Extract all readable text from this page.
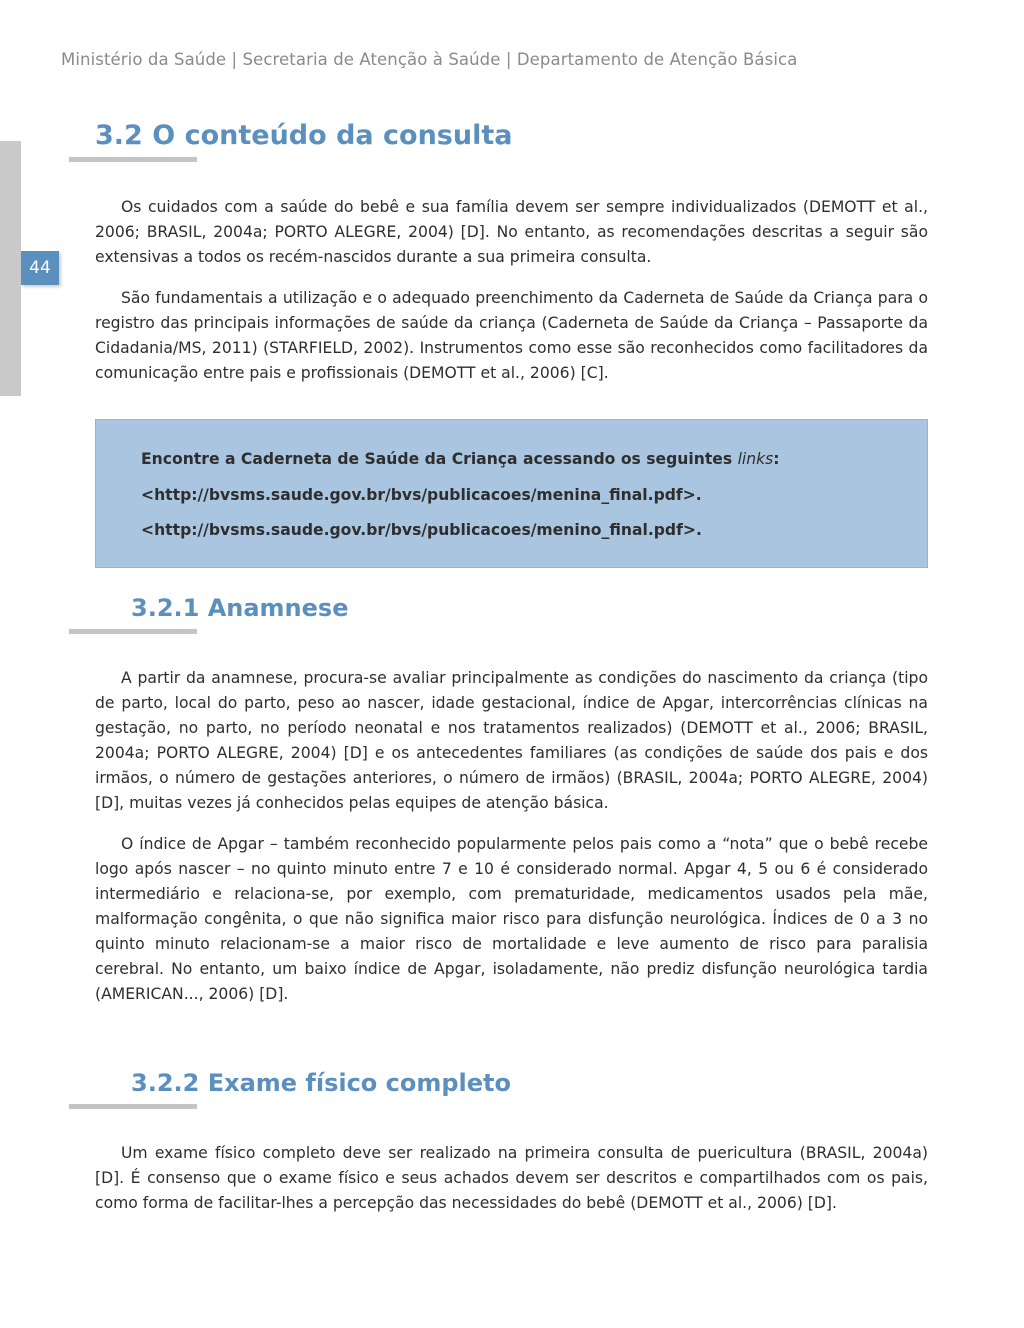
Ministério da Saúde | Secretaria de Atenção à Saúde | Departamento de Atenção Básica
44
3.2 O conteúdo da consulta

Os cuidados com a saúde do bebê e sua família devem ser sempre individualizados (DEMOTT et al., 2006; BRASIL, 2004a; PORTO ALEGRE, 2004) [D]. No entanto, as recomendações descritas a seguir são extensivas a todos os recém-nascidos durante a sua primeira consulta.

São fundamentais a utilização e o adequado preenchimento da Caderneta de Saúde da Criança para o registro das principais informações de saúde da criança (Caderneta de Saúde da Criança – Passaporte da Cidadania/MS, 2011) (STARFIELD, 2002). Instrumentos como esse são reconhecidos como facilitadores da comunicação entre pais e profissionais (DEMOTT et al., 2006) [C].

Encontre a Caderneta de Saúde da Criança acessando os seguintes links:

<http://bvsms.saude.gov.br/bvs/publicacoes/menina_final.pdf>.

<http://bvsms.saude.gov.br/bvs/publicacoes/menino_final.pdf>.

3.2.1 Anamnese

A partir da anamnese, procura-se avaliar principalmente as condições do nascimento da criança (tipo de parto, local do parto, peso ao nascer, idade gestacional, índice de Apgar, intercorrências clínicas na gestação, no parto, no período neonatal e nos tratamentos realizados) (DEMOTT et al., 2006; BRASIL, 2004a; PORTO ALEGRE, 2004) [D] e os antecedentes familiares (as condições de saúde dos pais e dos irmãos, o número de gestações anteriores, o número de irmãos) (BRASIL, 2004a; PORTO ALEGRE, 2004) [D], muitas vezes já conhecidos pelas equipes de atenção básica.

O índice de Apgar – também reconhecido popularmente pelos pais como a “nota” que o bebê recebe logo após nascer – no quinto minuto entre 7 e 10 é considerado normal. Apgar 4, 5 ou 6 é considerado intermediário e relaciona-se, por exemplo, com prematuridade, medicamentos usados pela mãe, malformação congênita, o que não significa maior risco para disfunção neurológica. Índices de 0 a 3 no quinto minuto relacionam-se a maior risco de mortalidade e leve aumento de risco para paralisia cerebral. No entanto, um baixo índice de Apgar, isoladamente, não prediz disfunção neurológica tardia (AMERICAN..., 2006) [D].

3.2.2 Exame físico completo

Um exame físico completo deve ser realizado na primeira consulta de puericultura (BRASIL, 2004a) [D]. É consenso que o exame físico e seus achados devem ser descritos e compartilhados com os pais, como forma de facilitar-lhes a percepção das necessidades do bebê (DEMOTT et al., 2006) [D].
